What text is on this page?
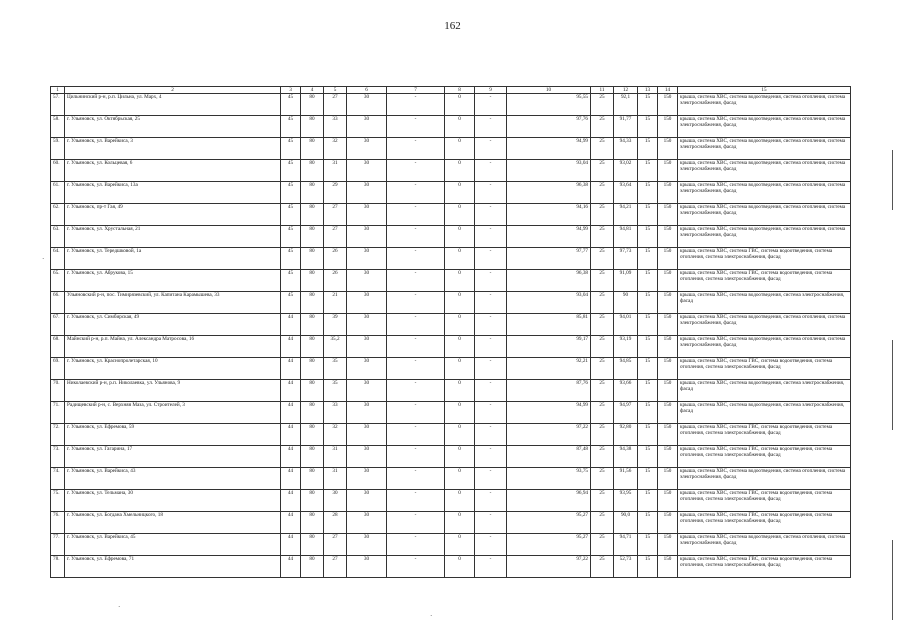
162
·
·
·
1	2	3	4	5	6	7	8	9	10	11	12	13	14	15
57.	Цильнинский р-н, р.п. Цильна, ул. Марх, 4	45	80	27	30	-	0	-	95,55	25	92,1	15	150	крыша, система ХВС, система водоотведения, система отопления, система электроснабжения, фасад
58.	г. Ульяновск, ул. Октябрьская, 25	45	80	33	30	-	0	-	97,76	25	91,77	15	150	крыша, система ХВС, система водоотведения, система отопления, система электроснабжения, фасад
59.	г. Ульяновск, ул. Варейкиса, 3	45	80	32	30	-	0	-	94,99	25	94,33	15	150	крыша, система ХВС, система водоотведения, система отопления, система электроснабжения, фасад
60.	г. Ульяновск, ул. Кольцевая, 6	45	80	31	30	-	0	-	93,04	25	93,02	15	150	крыша, система ХВС, система водоотведения, система отопления, система электроснабжения, фасад
61.	г. Ульяновск, ул. Варейкиса, 13а	45	80	29	30	-	0	-	96,38	25	93,64	15	150	крыша, система ХВС, система водоотведения, система отопления, система электроснабжения, фасад
62.	г. Ульяновск, пр-т Гая, 49	45	80	27	30	-	0	-	94,16	25	94,21	15	150	крыша, система ХВС, система водоотведения, система отопления, система электроснабжения, фасад
63.	г. Ульяновск, ул. Хрустальная, 21	45	80	27	30	-	0	-	94,99	25	94,81	15	150	крыша, система ХВС, система водоотведения, система отопления, система электроснабжения, фасад
64.	г. Ульяновск, ул. Тередшковой, 1а	45	80	26	30	-	0	-	97,77	25	97,73	15	150	крыша, система ХВС, система ГВС, система водоотведения, система отопления, система электроснабжения, фасад
65.	г. Ульяновск, ул. Абрукова, 15	45	80	26	30	-	0	-	96,38	25	91,09	15	150	крыша, система ХВС, система ГВС, система водоотведения, система отопления, система электроснабжения, фасад
66.	Ульяновский р-н, пос. Тимирязевский, ул. Капитана Карамышева, 33	45	80	21	30	-	0	-	93,04	25	90	15	150	крыша, система ХВС, система водоотведения, система электроснабжения, фасад
67.	г. Ульяновск, ул. Симбирская, 49	44	80	39	30	-	0	-	85,81	25	94,01	15	150	крыша, система ХВС, система водоотведения, система отопления, система электроснабжения, фасад
68.	Майнский р-н, р.п. Майна, ул. Александра Матросова, 16	44	80	35,2	30	-	0	-	99,17	25	93,19	15	150	крыша, система ХВС, система водоотведения, система отопления, система электроснабжения, фасад
69.	г. Ульяновск, ул. Краснопролетарская, 10	44	80	35	30	-	0	-	92,21	25	94,85	15	150	крыша, система ХВС, система ГВС, система водоотведения, система отопления, система электроснабжения, фасад
70.	Николаевский р-н, р.п. Николаевка, ул. Ульянова, 9	44	80	35	30	-	0	-	87,76	25	93,66	15	150	крыша, система ХВС, система водоотведения, система электроснабжения, фасад
71.	Радищевский р-н, с. Верхняя Маза, ул. Строителей, 3	44	80	33	30	-	0	-	94,99	25	94,97	15	150	крыша, система ХВС, система водоотведения, система электроснабжения, фасад
72.	г. Ульяновск, ул. Ефремова, 59	44	80	32	30	-	0	-	97,22	25	92,80	15	150	крыша, система ХВС, система ГВС, система водоотведения, система отопления, система электроснабжения, фасад
73.	г. Ульяновск, ул. Гагарина, 17	44	80	31	30	-	0	-	87,48	25	94,38	15	150	крыша, система ХВС, система ГВС, система водоотведения, система отопления, система электроснабжения, фасад
74.	г. Ульяновск, ул. Варейкиса, 43	44	80	31	30	-	0	-	93,75	25	91,56	15	150	крыша, система ХВС, система водоотведения, система отопления, система электроснабжения, фасад
75.	г. Ульяновск, ул. Тельмана, 30	44	80	30	30	-	0	-	96,94	25	93,95	15	150	крыша, система ХВС, система ГВС, система водоотведения, система отопления, система электроснабжения, фасад
76.	г. Ульяновск, ул. Богдана Хмельницкого, 18	44	80	28	30	-	0	-	95,27	25	90,0	15	150	крыша, система ХВС, система ГВС, система водоотведения, система отопления, система электроснабжения, фасад
77.	г. Ульяновск, ул. Варейкиса, 45	44	80	27	30	-	0	-	95,27	25	94,71	15	150	крыша, система ХВС, система водоотведения, система отопления, система электроснабжения, фасад
78.	г. Ульяновск, ул. Ефремова, 71	44	80	27	30	-	0	-	97,22	25	52,73	15	150	крыша, система ХВС, система ГВС, система водоотведения, система отопления, система электроснабжения, фасад
